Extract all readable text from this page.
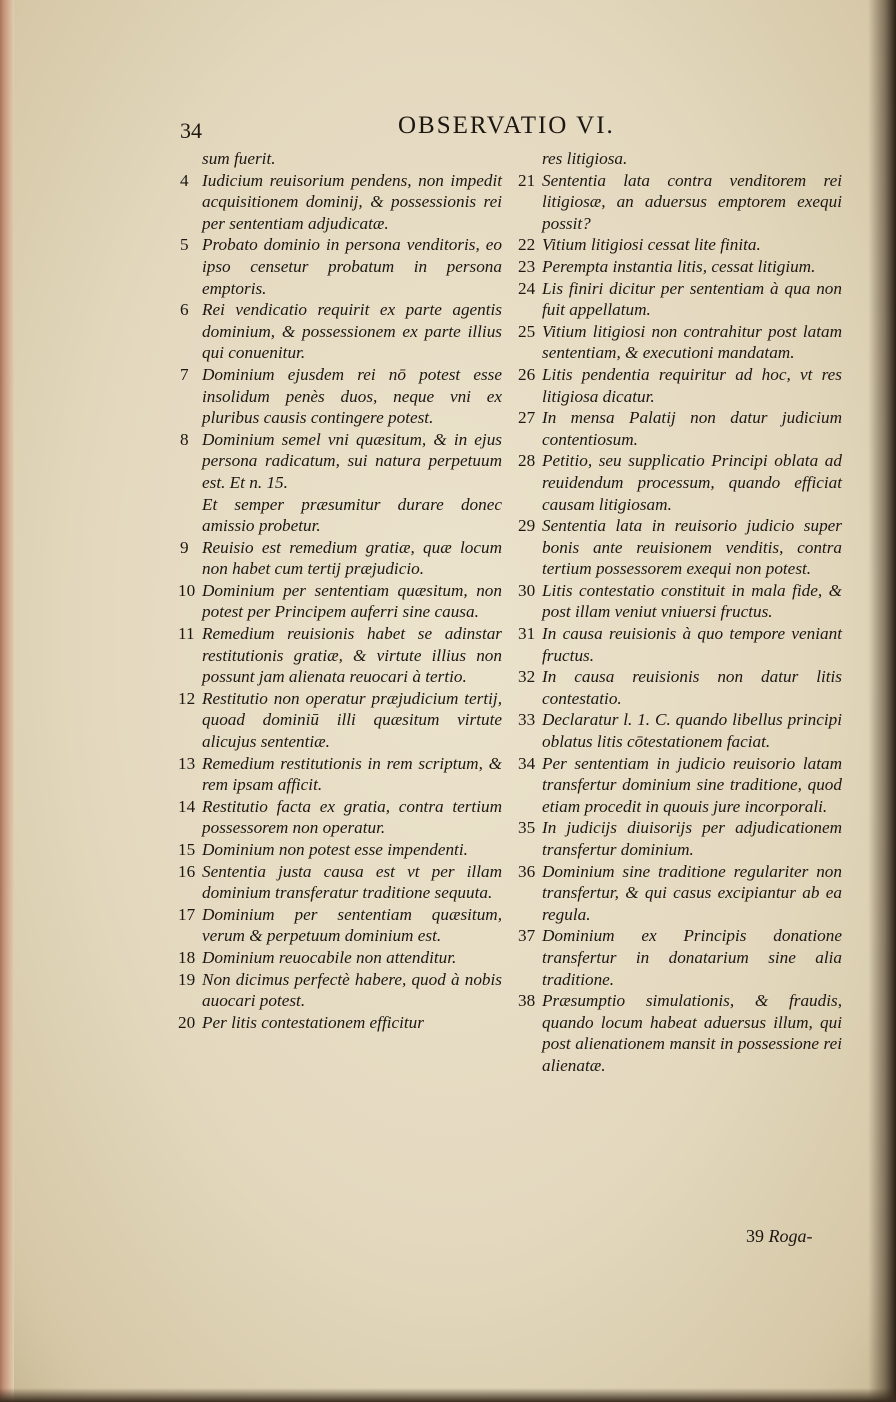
34	OBSERVATIO VI.
sum fuerit.
4 Iudicium reuisorium pendens, non impedit acquisitionem dominij, & possessionis rei per sententiam adjudicatæ.
5 Probato dominio in persona venditoris, eo ipso censetur probatum in persona emptoris.
6 Rei vendicatio requirit ex parte agentis dominium, & possessionem ex parte illius qui conuenitur.
7 Dominium ejusdem rei nō potest esse insolidum penès duos, neque vni ex pluribus causis contingere potest.
8 Dominium semel vni quæsitum, & in ejus persona radicatum, sui natura perpetuum est. Et n. 15.
Et semper præsumitur durare donec amissio probetur.
9 Reuisio est remedium gratiæ, quæ locum non habet cum tertij præjudicio.
10 Dominium per sententiam quæsitum, non potest per Principem auferri sine causa.
11 Remedium reuisionis habet se adinstar restitutionis gratiæ, & virtute illius non possunt jam alienata reuocari à tertio.
12 Restitutio non operatur præjudicium tertij, quoad dominiū illi quæsitum virtute alicujus sententiæ.
13 Remedium restitutionis in rem scriptum, & rem ipsam afficit.
14 Restitutio facta ex gratia, contra tertium possessorem non operatur.
15 Dominium non potest esse impendenti.
16 Sententia justa causa est vt per illam dominium transferatur traditione sequuta.
17 Dominium per sententiam quæsitum, verum & perpetuum dominium est.
18 Dominium reuocabile non attenditur.
19 Non dicimus perfectè habere, quod à nobis auocari potest.
20 Per litis contestationem efficitur
res litigiosa.
21 Sententia lata contra venditorem rei litigiosæ, an aduersus emptorem exequi possit?
22 Vitium litigiosi cessat lite finita.
23 Perempta instantia litis, cessat litigium.
24 Lis finiri dicitur per sententiam à qua non fuit appellatum.
25 Vitium litigiosi non contrahitur post latam sententiam, & executioni mandatam.
26 Litis pendentia requiritur ad hoc, vt res litigiosa dicatur.
27 In mensa Palatij non datur judicium contentiosum.
28 Petitio, seu supplicatio Principi oblata ad reuidendum processum, quando efficiat causam litigiosam.
29 Sententia lata in reuisorio judicio super bonis ante reuisionem venditis, contra tertium possessorem exequi non potest.
30 Litis contestatio constituit in mala fide, & post illam veniut vniuersi fructus.
31 In causa reuisionis à quo tempore veniant fructus.
32 In causa reuisionis non datur litis contestatio.
33 Declaratur l. 1. C. quando libellus principi oblatus litis cōtestationem faciat.
34 Per sententiam in judicio reuisorio latam transfertur dominium sine traditione, quod etiam procedit in quouis jure incorporali.
35 In judicijs diuisorijs per adjudicationem transfertur dominium.
36 Dominium sine traditione regulariter non transfertur, & qui casus excipiantur ab ea regula.
37 Dominium ex Principis donatione transfertur in donatarium sine alia traditione.
38 Præsumptio simulationis, & fraudis, quando locum habeat aduersus illum, qui post alienationem mansit in possessione rei alienatæ.
39 Roga-
